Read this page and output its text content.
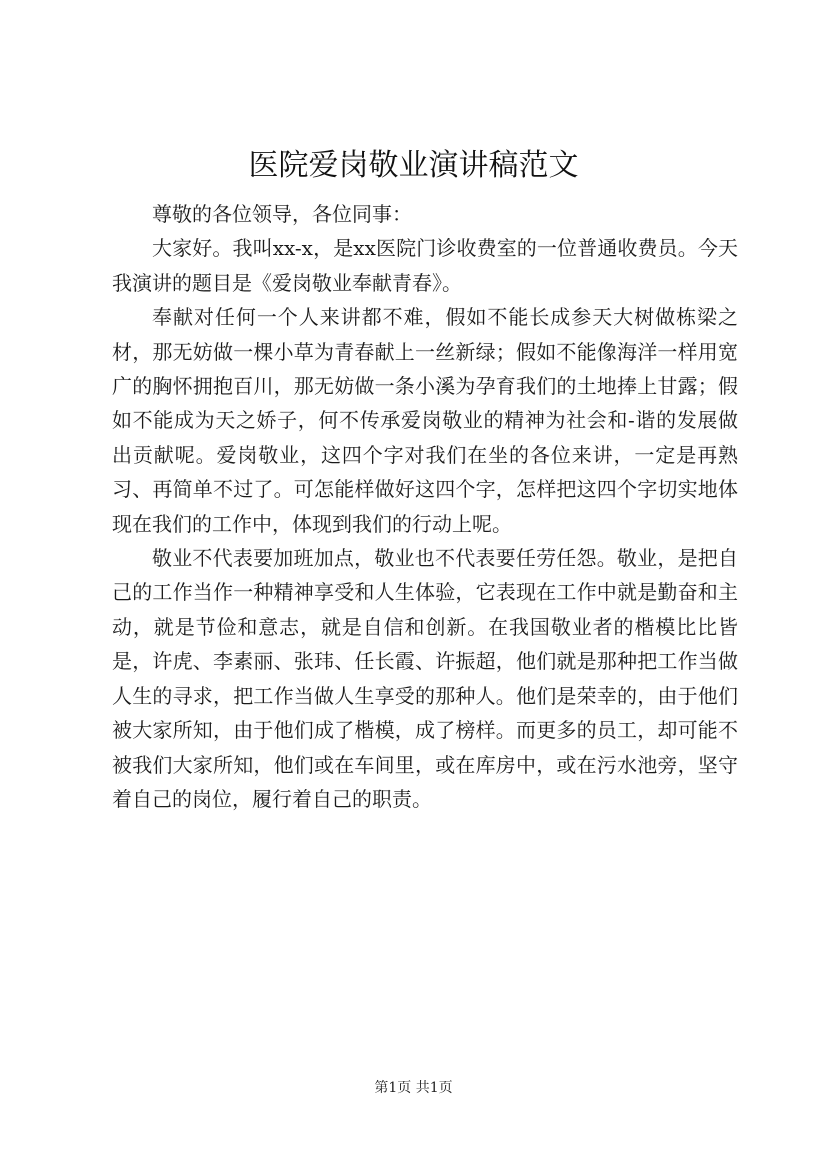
医院爱岗敬业演讲稿范文

尊敬的各位领导，各位同事：

大家好。我叫xx-x，是xx医院门诊收费室的一位普通收费员。今天我演讲的题目是《爱岗敬业奉献青春》。

奉献对任何一个人来讲都不难，假如不能长成参天大树做栋梁之材，那无妨做一棵小草为青春献上一丝新绿；假如不能像海洋一样用宽广的胸怀拥抱百川，那无妨做一条小溪为孕育我们的土地捧上甘露；假如不能成为天之娇子，何不传承爱岗敬业的精神为社会和-谐的发展做出贡献呢。爱岗敬业，这四个字对我们在坐的各位来讲，一定是再熟习、再简单不过了。可怎能样做好这四个字，怎样把这四个字切实地体现在我们的工作中，体现到我们的行动上呢。

敬业不代表要加班加点，敬业也不代表要任劳任怨。敬业，是把自己的工作当作一种精神享受和人生体验，它表现在工作中就是勤奋和主动，就是节俭和意志，就是自信和创新。在我国敬业者的楷模比比皆是，许虎、李素丽、张玮、任长霞、许振超，他们就是那种把工作当做人生的寻求，把工作当做人生享受的那种人。他们是荣幸的，由于他们被大家所知，由于他们成了楷模，成了榜样。而更多的员工，却可能不被我们大家所知，他们或在车间里，或在库房中，或在污水池旁，坚守着自己的岗位，履行着自己的职责。

第1页 共1页
